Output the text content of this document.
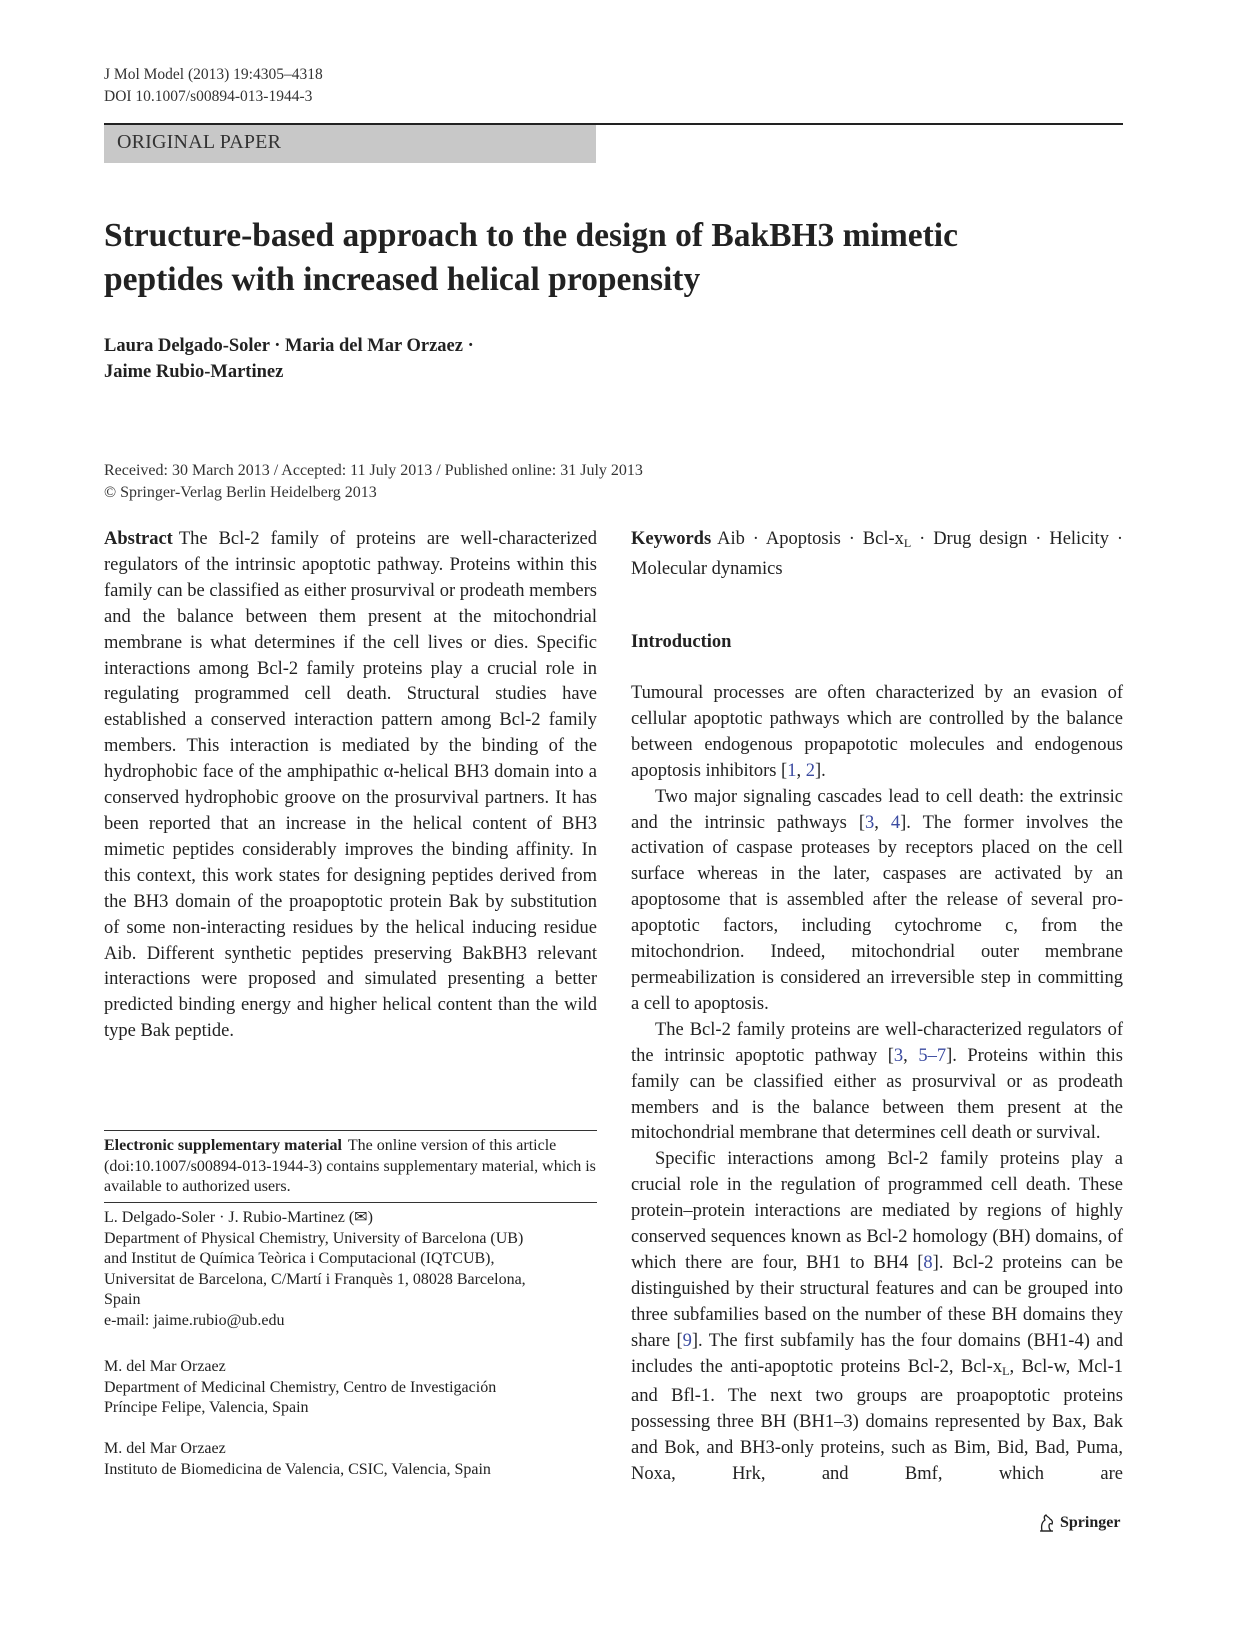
J Mol Model (2013) 19:4305–4318
DOI 10.1007/s00894-013-1944-3
ORIGINAL PAPER
Structure-based approach to the design of BakBH3 mimetic
peptides with increased helical propensity
Laura Delgado-Soler · Maria del Mar Orzaez ·
Jaime Rubio-Martinez
Received: 30 March 2013 / Accepted: 11 July 2013 / Published online: 31 July 2013
© Springer-Verlag Berlin Heidelberg 2013

Abstract The Bcl-2 family of proteins are well-characterized regulators of the intrinsic apoptotic pathway. Proteins within this family can be classified as either prosurvival or prodeath members and the balance between them present at the mitochondrial membrane is what determines if the cell lives or dies. Specific interactions among Bcl-2 family proteins play a crucial role in regulating programmed cell death. Structural studies have established a conserved interaction pattern among Bcl-2 family members. This interaction is mediated by the binding of the hydrophobic face of the amphipathic α-helical BH3 domain into a conserved hydrophobic groove on the prosurvival partners. It has been reported that an increase in the helical content of BH3 mimetic peptides considerably improves the binding affinity. In this context, this work states for designing peptides derived from the BH3 domain of the proapoptotic protein Bak by substitution of some non-interacting residues by the helical inducing residue Aib. Different synthetic peptides preserving BakBH3 relevant interactions were proposed and simulated presenting a better predicted binding energy and higher helical content than the wild type Bak peptide.

Electronic supplementary material The online version of this article (doi:10.1007/s00894-013-1944-3) contains supplementary material, which is available to authorized users.

L. Delgado-Soler · J. Rubio-Martinez (✉)

Department of Physical Chemistry, University of Barcelona (UB)

and Institut de Química Teòrica i Computacional (IQTCUB),

Universitat de Barcelona, C/Martí i Franquès 1, 08028 Barcelona,

Spain

e-mail: jaime.rubio@ub.edu

M. del Mar Orzaez

Department of Medicinal Chemistry, Centro de Investigación

Príncipe Felipe, Valencia, Spain

M. del Mar Orzaez

Instituto de Biomedicina de Valencia, CSIC, Valencia, Spain

Keywords Aib · Apoptosis · Bcl-$x_L$ · Drug design · Helicity · Molecular dynamics

Introduction

Tumoural processes are often characterized by an evasion of cellular apoptotic pathways which are controlled by the balance between endogenous propapototic molecules and endogenous apoptosis inhibitors [1, 2].

Two major signaling cascades lead to cell death: the extrinsic and the intrinsic pathways [3, 4]. The former involves the activation of caspase proteases by receptors placed on the cell surface whereas in the later, caspases are activated by an apoptosome that is assembled after the release of several pro-apoptotic factors, including cytochrome c, from the mitochondrion. Indeed, mitochondrial outer membrane permeabilization is considered an irreversible step in committing a cell to apoptosis.

The Bcl-2 family proteins are well-characterized regulators of the intrinsic apoptotic pathway [3, 5–7]. Proteins within this family can be classified either as prosurvival or as prodeath members and is the balance between them present at the mitochondrial membrane that determines cell death or survival.

Specific interactions among Bcl-2 family proteins play a crucial role in the regulation of programmed cell death. These protein–protein interactions are mediated by regions of highly conserved sequences known as Bcl-2 homology (BH) domains, of which there are four, BH1 to BH4 [8]. Bcl-2 proteins can be distinguished by their structural features and can be grouped into three subfamilies based on the number of these BH domains they share [9]. The first subfamily has the four domains (BH1-4) and includes the anti-apoptotic proteins Bcl-2, Bcl-$x_L$, Bcl-w, Mcl-1 and Bfl-1. The next two groups are proapoptotic proteins possessing three BH (BH1–3) domains represented by Bax, Bak and Bok, and BH3-only proteins, such as Bim, Bid, Bad, Puma, Noxa, Hrk, and Bmf, which are

Springer
